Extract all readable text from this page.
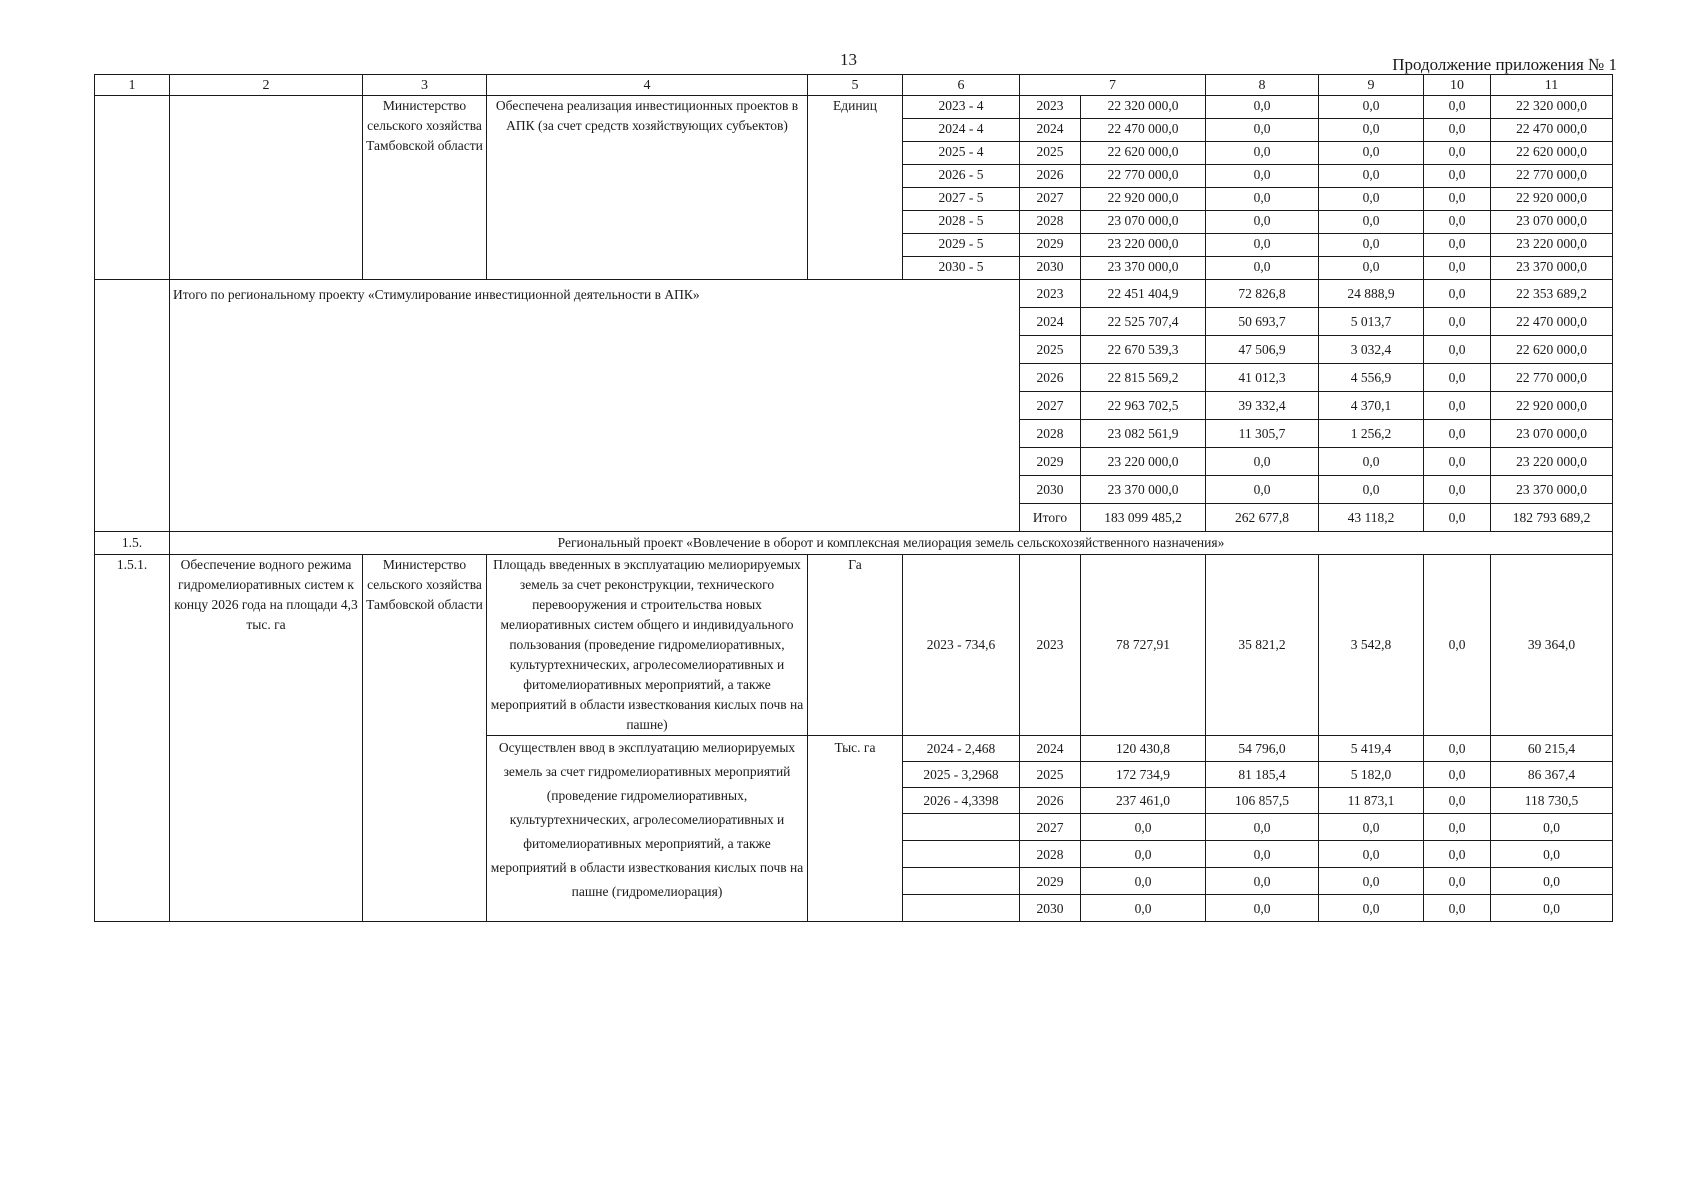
13	Продолжение приложения № 1
1	2	3	4	5	6	7		8	9	10	11
		Министерство сельского хозяйства Тамбовской области	Обеспечена реализация инвестиционных проектов в АПК (за счет средств хозяйствующих субъектов)	Единиц	2023 - 4	2023	22 320 000,0	0,0	0,0	0,0	22 320 000,0
					2024 - 4	2024	22 470 000,0	0,0	0,0	0,0	22 470 000,0
					2025 - 4	2025	22 620 000,0	0,0	0,0	0,0	22 620 000,0
					2026 - 5	2026	22 770 000,0	0,0	0,0	0,0	22 770 000,0
					2027 - 5	2027	22 920 000,0	0,0	0,0	0,0	22 920 000,0
					2028 - 5	2028	23 070 000,0	0,0	0,0	0,0	23 070 000,0
					2029 - 5	2029	23 220 000,0	0,0	0,0	0,0	23 220 000,0
					2030 - 5	2030	23 370 000,0	0,0	0,0	0,0	23 370 000,0
	Итого по региональному проекту «Стимулирование инвестиционной деятельности в АПК»					2023	22 451 404,9	72 826,8	24 888,9	0,0	22 353 689,2
						2024	22 525 707,4	50 693,7	5 013,7	0,0	22 470 000,0
						2025	22 670 539,3	47 506,9	3 032,4	0,0	22 620 000,0
						2026	22 815 569,2	41 012,3	4 556,9	0,0	22 770 000,0
						2027	22 963 702,5	39 332,4	4 370,1	0,0	22 920 000,0
						2028	23 082 561,9	11 305,7	1 256,2	0,0	23 070 000,0
						2029	23 220 000,0	0,0	0,0	0,0	23 220 000,0
						2030	23 370 000,0	0,0	0,0	0,0	23 370 000,0
						Итого	183 099 485,2	262 677,8	43 118,2	0,0	182 793 689,2
1.5.	Региональный проект «Вовлечение в оборот и комплексная мелиорация земель сельскохозяйственного назначения»										
1.5.1.	Обеспечение водного режима гидромелиоративных систем к концу 2026 года на площади 4,3 тыс. га	Министерство сельского хозяйства Тамбовской области	Площадь введенных в эксплуатацию мелиорируемых земель за счет реконструкции, технического перевооружения и строительства новых мелиоративных систем общего и индивидуального пользования (проведение гидромелиоративных, культуртехнических, агролесомелиоративных и фитомелиоративных мероприятий, а также мероприятий в области известкования кислых почв на пашне)	Га	2023 - 734,6	2023	78 727,91	35 821,2	3 542,8	0,0	39 364,0
			Осуществлен ввод в эксплуатацию мелиорируемых земель за счет гидромелиоративных мероприятий (проведение гидромелиоративных, культуртехнических, агролесомелиоративных и фитомелиоративных мероприятий, а также мероприятий в области известкования кислых почв на пашне (гидромелиорация)	Тыс. га	2024 - 2,468	2024	120 430,8	54 796,0	5 419,4	0,0	60 215,4
					2025 - 3,2968	2025	172 734,9	81 185,4	5 182,0	0,0	86 367,4
					2026 - 4,3398	2026	237 461,0	106 857,5	11 873,1	0,0	118 730,5
						2027	0,0	0,0	0,0	0,0	0,0
						2028	0,0	0,0	0,0	0,0	0,0
						2029	0,0	0,0	0,0	0,0	0,0
						2030	0,0	0,0	0,0	0,0	0,0
